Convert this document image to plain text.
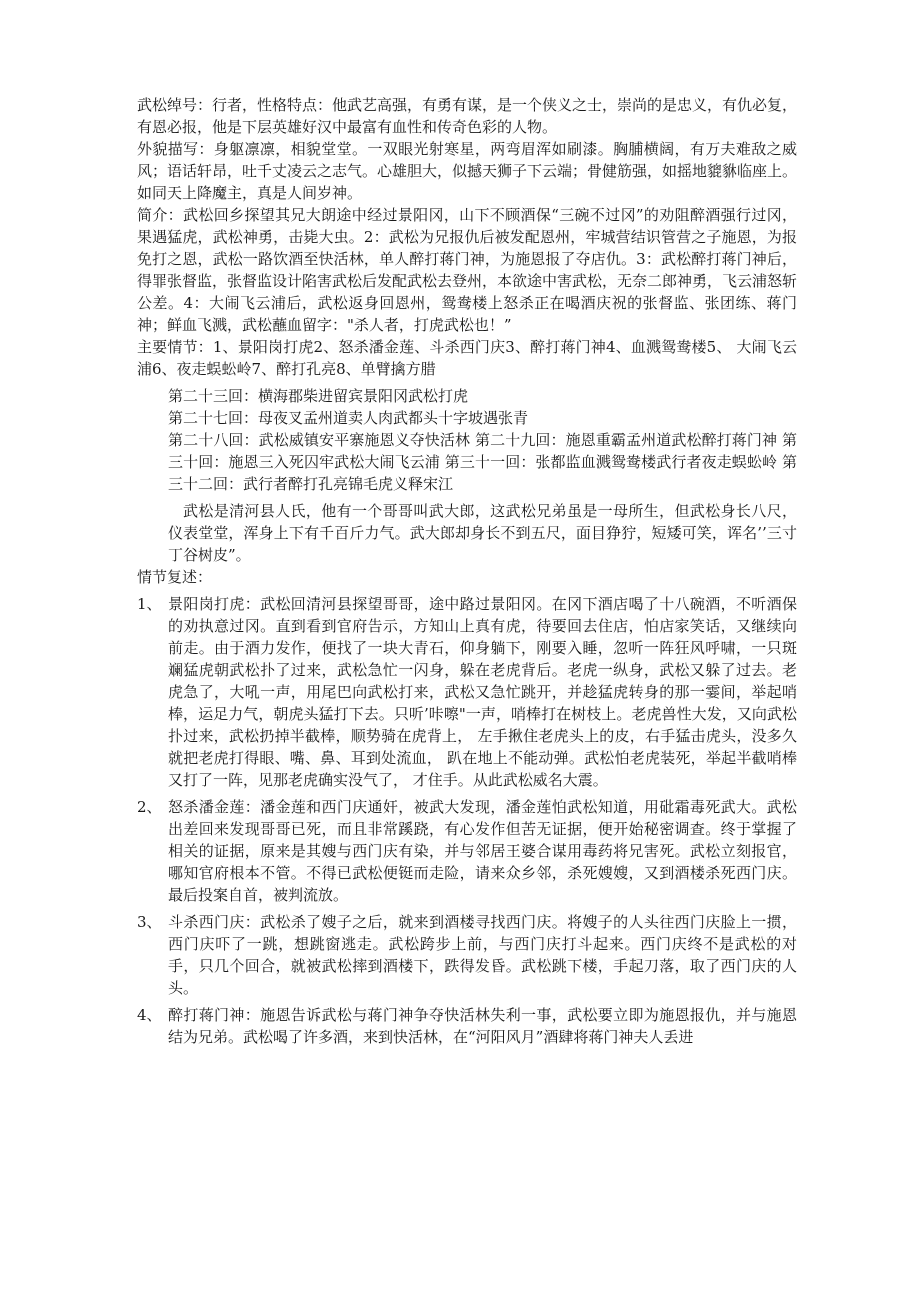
武松绰号：行者，性格特点：他武艺高强，有勇有谋，是一个侠义之士，崇尚的是忠义，有仇必复，有恩必报，他是下层英雄好汉中最富有血性和传奇色彩的人物。

外貌描写：身躯凛凛，相貌堂堂。一双眼光射寒星，两弯眉浑如刷漆。胸脯横阔，有万夫难敌之威风；语话轩昂，吐千丈凌云之志气。心雄胆大，似撼天狮子下云端；骨健筋强，如摇地貔貅临座上。如同天上降魔主，真是人间岁神。

简介：武松回乡探望其兄大朗途中经过景阳冈，山下不顾酒保“三碗不过冈”的劝阻醉酒强行过冈，果遇猛虎，武松神勇，击毙大虫。2：武松为兄报仇后被发配恩州，牢城营结识管营之子施恩，为报免打之恩，武松一路饮酒至快活林，单人醉打蒋门神，为施恩报了夺店仇。3：武松醉打蒋门神后，得罪张督监，张督监设计陷害武松后发配武松去登州，本欲途中害武松，无奈二郎神勇，飞云浦怒斩公差。4：大闹飞云浦后，武松返身回恩州，鸳鸯楼上怒杀正在喝酒庆祝的张督监、张团练、蒋门神；鲜血飞溅，武松蘸血留字："杀人者，打虎武松也！”

主要情节：1、景阳岗打虎2、怒杀潘金莲、斗杀西门庆3、醉打蒋门神4、血溅鸳鸯楼5、 大闹飞云浦6、夜走蜈蚣岭7、醉打孔亮8、单臂擒方腊

第二十三回：横海郡柴进留宾景阳冈武松打虎

第二十七回：母夜叉孟州道卖人肉武都头十字坡遇张青

第二十八回：武松威镇安平寨施恩义夺快活林 第二十九回：施恩重霸孟州道武松醉打蒋门神 第三十回：施恩三入死囚牢武松大闹飞云浦 第三十一回：张都监血溅鸳鸯楼武行者夜走蜈蚣岭 第三十二回：武行者醉打孔亮锦毛虎义释宋江

武松是清河县人氏，他有一个哥哥叫武大郎，这武松兄弟虽是一母所生，但武松身长八尺，仪表堂堂，浑身上下有千百斤力气。武大郎却身长不到五尺，面目狰狞，短矮可笑，诨名’’三寸丁谷树皮”。

情节复述：

1、 景阳岗打虎：武松回清河县探望哥哥，途中路过景阳冈。在冈下酒店喝了十八碗酒，不听酒保的劝执意过冈。直到看到官府告示，方知山上真有虎，待要回去住店，怕店家笑话，又继续向前走。由于酒力发作，便找了一块大青石，仰身躺下，刚要入睡，忽听一阵狂风呼啸，一只斑斓猛虎朝武松扑了过来，武松急忙一闪身，躲在老虎背后。老虎一纵身，武松又躲了过去。老虎急了，大吼一声，用尾巴向武松打来，武松又急忙跳开，并趁猛虎转身的那一霎间，举起哨棒，运足力气，朝虎头猛打下去。只听’咔嚓"一声，哨棒打在树枝上。老虎兽性大发，又向武松扑过来，武松扔掉半截棒，顺势骑在虎背上， 左手揪住老虎头上的皮，右手猛击虎头，没多久就把老虎打得眼、嘴、鼻、耳到处流血， 趴在地上不能动弹。武松怕老虎装死，举起半截哨棒又打了一阵，见那老虎确实没气了， 才住手。从此武松威名大震。

2、 怒杀潘金莲：潘金莲和西门庆通奸，被武大发现，潘金莲怕武松知道，用砒霜毒死武大。武松出差回来发现哥哥已死，而且非常蹊跷，有心发作但苦无证据，便开始秘密调查。终于掌握了相关的证据，原来是其嫂与西门庆有染，并与邻居王婆合谋用毒药将兄害死。武松立刻报官，哪知官府根本不管。不得已武松便铤而走险，请来众乡邻，杀死嫂嫂，又到酒楼杀死西门庆。最后投案自首，被判流放。

3、 斗杀西门庆：武松杀了嫂子之后，就来到酒楼寻找西门庆。将嫂子的人头往西门庆脸上一掼，西门庆吓了一跳，想跳窗逃走。武松跨步上前，与西门庆打斗起来。西门庆终不是武松的对手，只几个回合，就被武松摔到酒楼下，跌得发昏。武松跳下楼，手起刀落，取了西门庆的人头。

4、 醉打蒋门神：施恩告诉武松与蒋门神争夺快活林失利一事，武松要立即为施恩报仇，并与施恩结为兄弟。武松喝了许多酒，来到快活林，在“河阳风月”酒肆将蒋门神夫人丢进
